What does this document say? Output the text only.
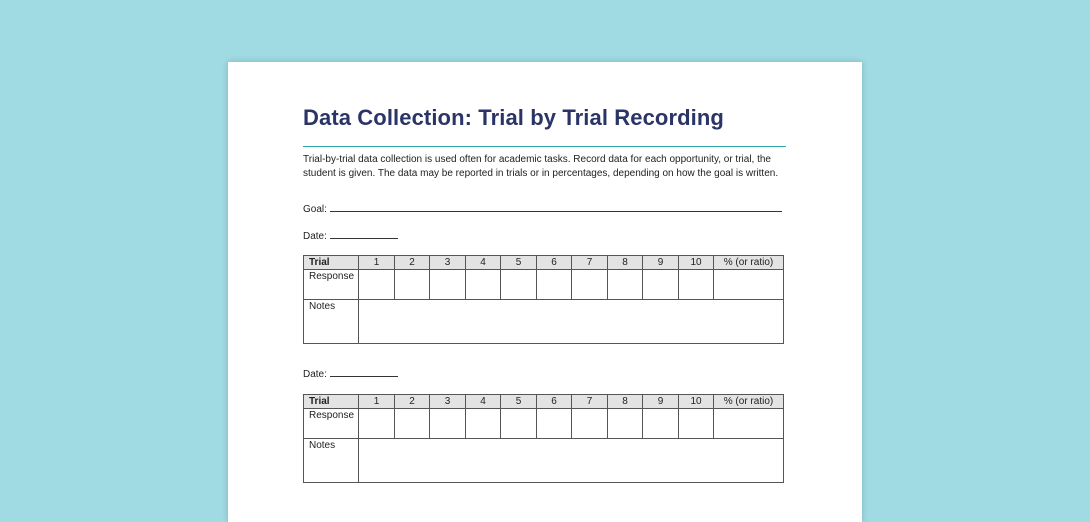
Data Collection: Trial by Trial Recording
Trial-by-trial data collection is used often for academic tasks. Record data for each opportunity, or trial, the student is given. The data may be reported in trials or in percentages, depending on how the goal is written.
Goal:
Date:
Trial	1	2	3	4	5	6	7	8	9	10	% (or ratio)
Response											
Notes											
Date:
Trial	1	2	3	4	5	6	7	8	9	10	% (or ratio)
Response											
Notes											
